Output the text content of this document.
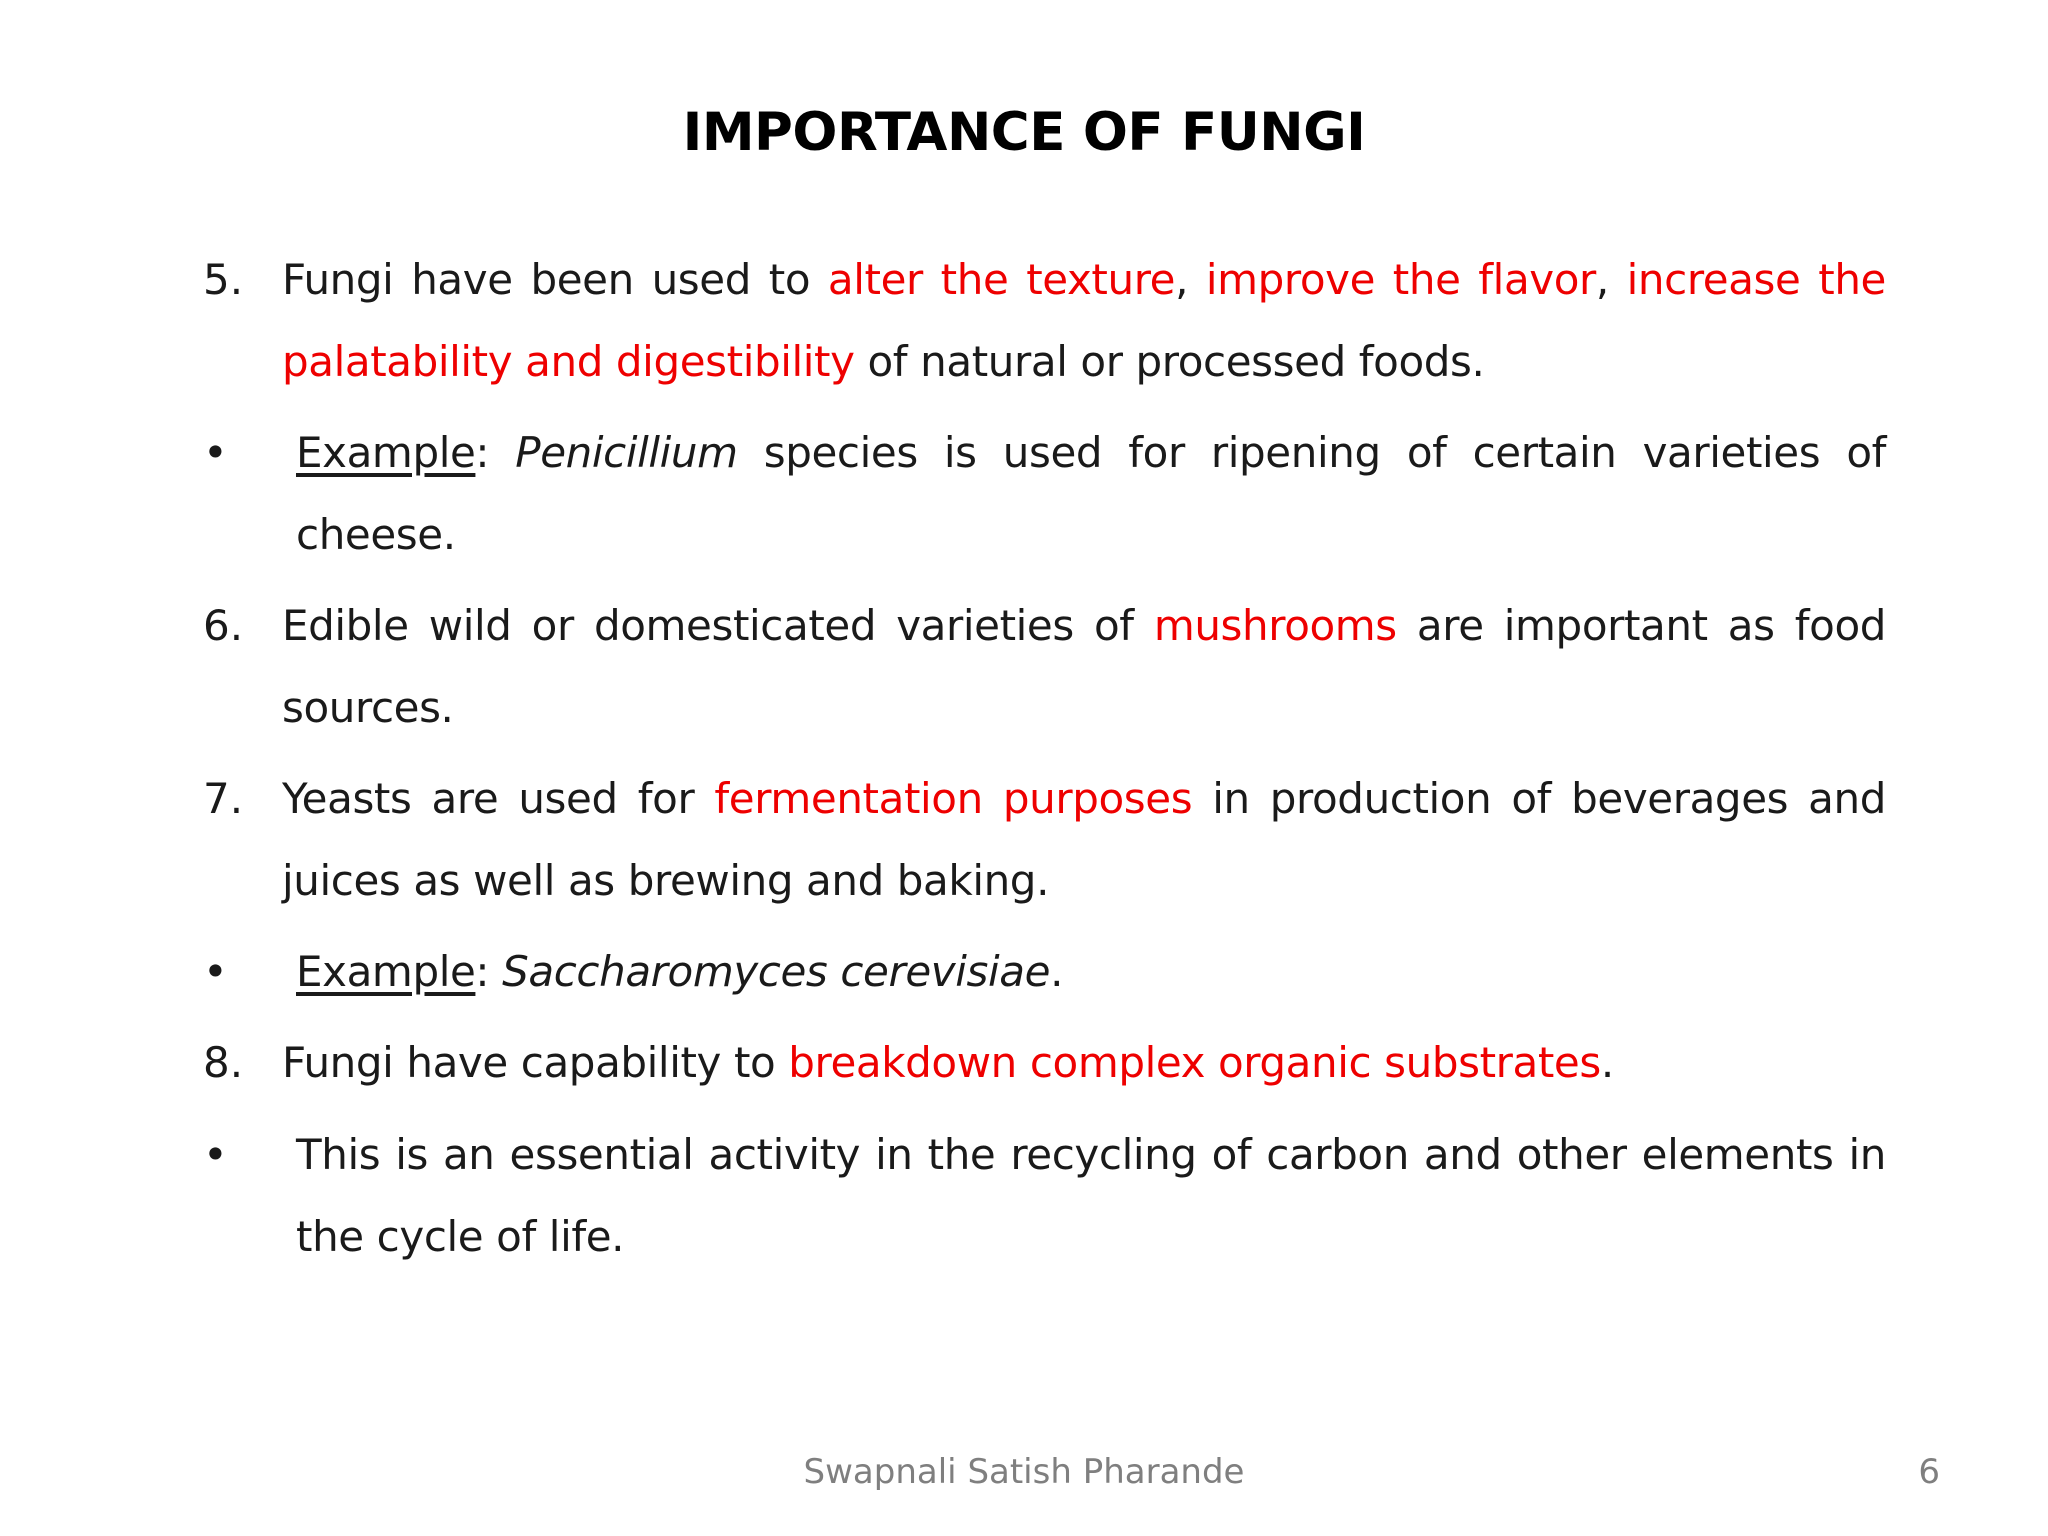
IMPORTANCE OF FUNGI
5. Fungi have been used to alter the texture, improve the flavor, increase the palatability and digestibility of natural or processed foods.
• Example: Penicillium species is used for ripening of certain varieties of cheese.
6. Edible wild or domesticated varieties of mushrooms are important as food sources.
7. Yeasts are used for fermentation purposes in production of beverages and juices as well as brewing and baking.
• Example: Saccharomyces cerevisiae.
8. Fungi have capability to breakdown complex organic substrates.
• This is an essential activity in the recycling of carbon and other elements in the cycle of life.
Swapnali Satish Pharande	6
